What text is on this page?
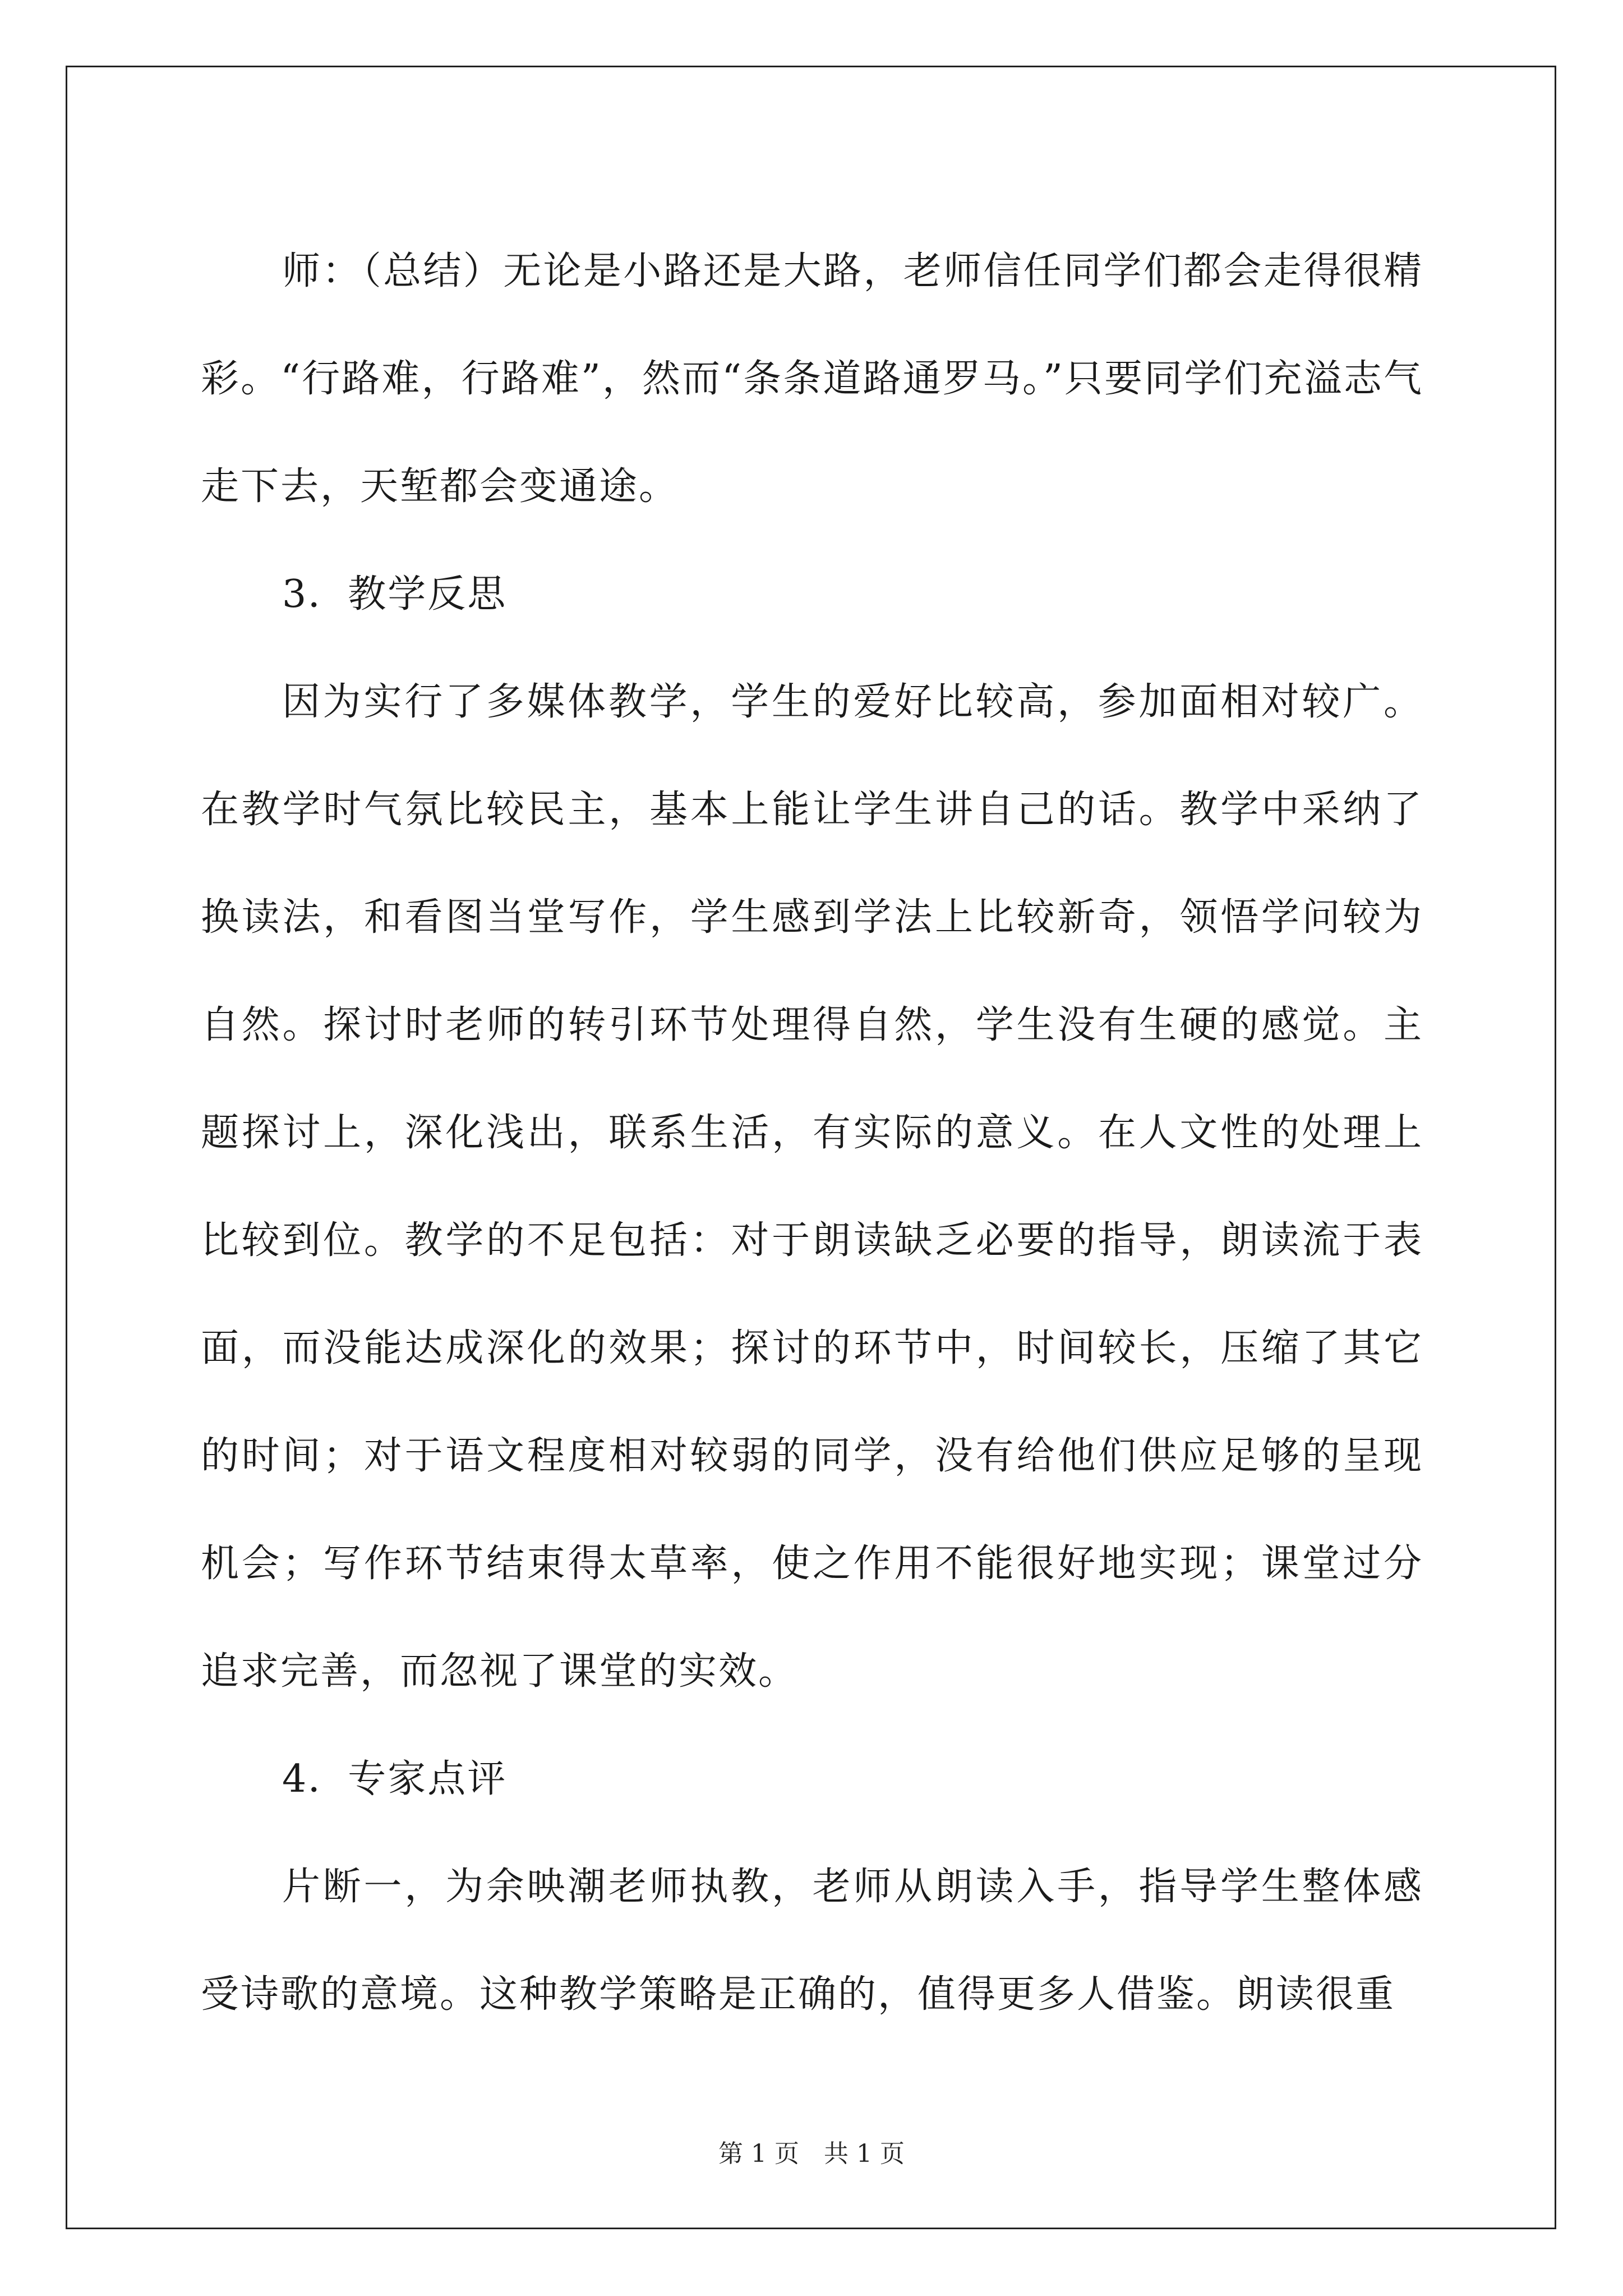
师：（总结）无论是小路还是大路，老师信任同学们都会走得很精彩。“行路难，行路难”，然而“条条道路通罗马。”只要同学们充溢志气走下去，天堑都会变通途。

3．教学反思

因为实行了多媒体教学，学生的爱好比较高，参加面相对较广。在教学时气氛比较民主，基本上能让学生讲自己的话。教学中采纳了换读法，和看图当堂写作，学生感到学法上比较新奇，领悟学问较为自然。探讨时老师的转引环节处理得自然，学生没有生硬的感觉。主题探讨上，深化浅出，联系生活，有实际的意义。在人文性的处理上比较到位。教学的不足包括：对于朗读缺乏必要的指导，朗读流于表面，而没能达成深化的效果；探讨的环节中，时间较长，压缩了其它的时间；对于语文程度相对较弱的同学，没有给他们供应足够的呈现机会；写作环节结束得太草率，使之作用不能很好地实现；课堂过分追求完善，而忽视了课堂的实效。

4．专家点评

片断一，为余映潮老师执教，老师从朗读入手，指导学生整体感受诗歌的意境。这种教学策略是正确的，值得更多人借鉴。朗读很重

第 1 页　共 1 页
